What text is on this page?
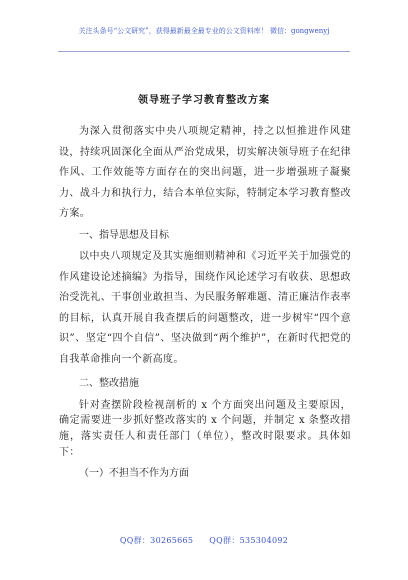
关注头条号“公文研究”，获得最新最全最专业的公文资料库！ 微信：gongwenyj
领导班子学习教育整改方案

为深入贯彻落实中央八项规定精神，持之以恒推进作风建设，持续巩固深化全面从严治党成果，切实解决领导班子在纪律作风、工作效能等方面存在的突出问题，进一步增强班子凝聚力、战斗力和执行力，结合本单位实际，特制定本学习教育整改方案。

一、指导思想及目标

以中央八项规定及其实施细则精神和《习近平关于加强党的作风建设论述摘编》为指导，围绕作风论述学习有收获、思想政治受洗礼、干事创业敢担当、为民服务解难题、清正廉洁作表率的目标，认真开展自我查摆后的问题整改，进一步树牢“四个意识”、坚定“四个自信”、坚决做到“两个维护”，在新时代把党的自我革命推向一个新高度。

二、整改措施

针对查摆阶段检视剖析的 x 个方面突出问题及主要原因，确定需要进一步抓好整改落实的 x 个问题，并制定 x 条整改措施，落实责任人和责任部门（单位），整改时限要求。具体如下：

（一）不担当不作为方面

QQ群：30265665 QQ群：535304092
